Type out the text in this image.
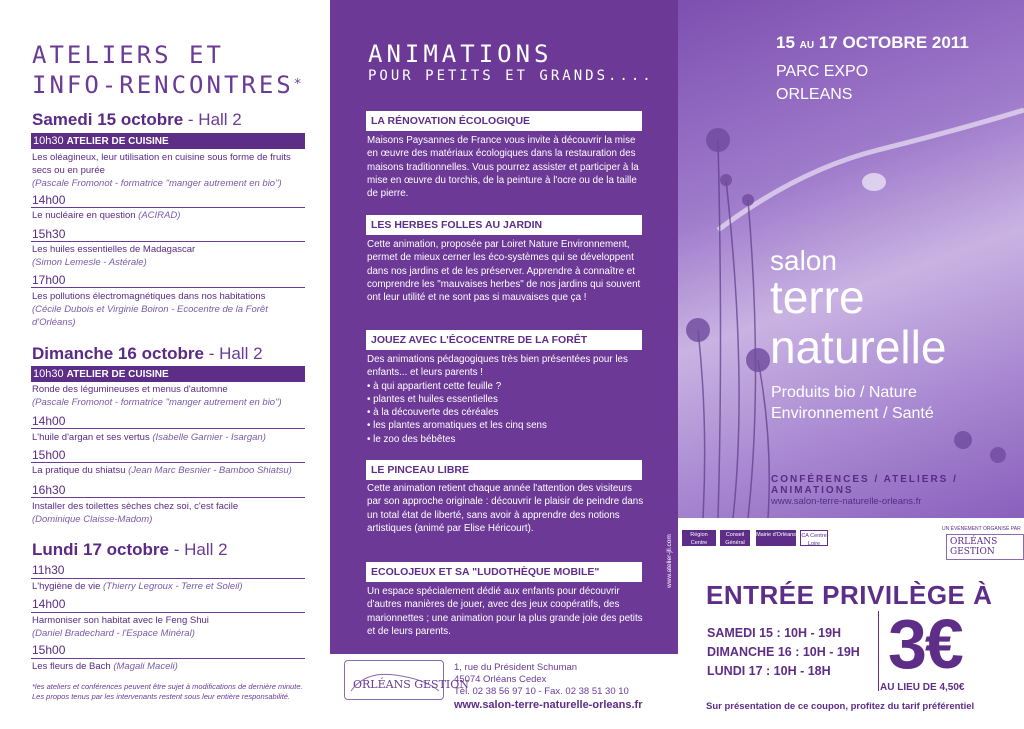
ATELIERS ET
INFO-RENCONTRES*
Samedi 15 octobre - Hall 2
10h30 ATELIER DE CUISINE
Les oléagineux, leur utilisation en cuisine sous forme de fruits secs ou en purée
(Pascale Fromonot - formatrice "manger autrement en bio")
14h00
Le nucléaire en question (ACIRAD)
15h30
Les huiles essentielles de Madagascar
(Simon Lemesle - Astérale)
17h00
Les pollutions électromagnétiques dans nos habitations
(Cécile Dubois et Virginie Boiron - Ecocentre de la Forêt d'Orléans)
Dimanche 16 octobre - Hall 2
10h30 ATELIER DE CUISINE
Ronde des légumineuses et menus d'automne
(Pascale Fromonot - formatrice "manger autrement en bio")
14h00
L'huile d'argan et ses vertus (Isabelle Garnier - Isargan)
15h00
La pratique du shiatsu (Jean Marc Besnier - Bamboo Shiatsu)
16h30
Installer des toilettes sèches chez soi, c'est facile
(Dominique Claisse-Madom)
Lundi 17 octobre - Hall 2
11h30
L'hygiène de vie (Thierry Legroux - Terre et Soleil)
14h00
Harmoniser son habitat avec le Feng Shui
(Daniel Bradechard - l'Espace Minéral)
15h00
Les fleurs de Bach (Magali Maceli)
*les ateliers et conférences peuvent être sujet à modifications de dernière minute. Les propos tenus par les intervenants restent sous leur entière responsabilité.
ANIMATIONS
POUR PETITS ET GRANDS....
LA RÉNOVATION ÉCOLOGIQUE
Maisons Paysannes de France vous invite à découvrir la mise en œuvre des matériaux écologiques dans la restauration des maisons traditionnelles. Vous pourrez assister et participer à la mise en œuvre du torchis, de la peinture à l'ocre ou de la taille de pierre.
LES HERBES FOLLES AU JARDIN
Cette animation, proposée par Loiret Nature Environnement, permet de mieux cerner les éco-systèmes qui se développent dans nos jardins et de les préserver. Apprendre à connaître et comprendre les "mauvaises herbes" de nos jardins qui souvent ont leur utilité et ne sont pas si mauvaises que ça !
JOUEZ AVEC L'ÉCOCENTRE DE LA FORÊT
Des animations pédagogiques très bien présentées pour les enfants... et leurs parents !
• à qui appartient cette feuille ?
• plantes et huiles essentielles
• à la découverte des céréales
• les plantes aromatiques et les cinq sens
• le zoo des bébêtes
LE PINCEAU LIBRE
Cette animation retient chaque année l'attention des visiteurs par son approche originale : découvrir le plaisir de peindre dans un total état de liberté, sans avoir à apprendre des notions artistiques (animé par Elise Héricourt).
ECOLOJEUX ET SA "LUDOTHÈQUE MOBILE"
Un espace spécialement dédié aux enfants pour découvrir d'autres manières de jouer, avec des jeux coopératifs, des marionnettes ; une animation pour la plus grande joie des petits et de leurs parents.
www.atelier-jll.com
ORLÉANS GESTION
1, rue du Président Schuman
45074 Orléans Cedex
Tél. 02 38 56 97 10 - Fax. 02 38 51 30 10
www.salon-terre-naturelle-orleans.fr
15 AU 17 OCTOBRE 2011
PARC EXPO
ORLEANS
salon
terre
naturelle
Produits bio / Nature
Environnement / Santé
CONFÉRENCES / ATELIERS / ANIMATIONS
www.salon-terre-naturelle-orleans.fr
Région Centre
Conseil Général
Mairie d'Orléans CA Centre Loire
UN ÉVÉNEMENT ORGANISÉ PAR
ORLÉANS GESTION
ENTRÉE PRIVILÈGE À
SAMEDI 15 : 10H - 19H
DIMANCHE 16 : 10H - 19H
LUNDI 17 : 10H - 18H 3€
AU LIEU DE 4,50€
Sur présentation de ce coupon, profitez du tarif préférentiel
